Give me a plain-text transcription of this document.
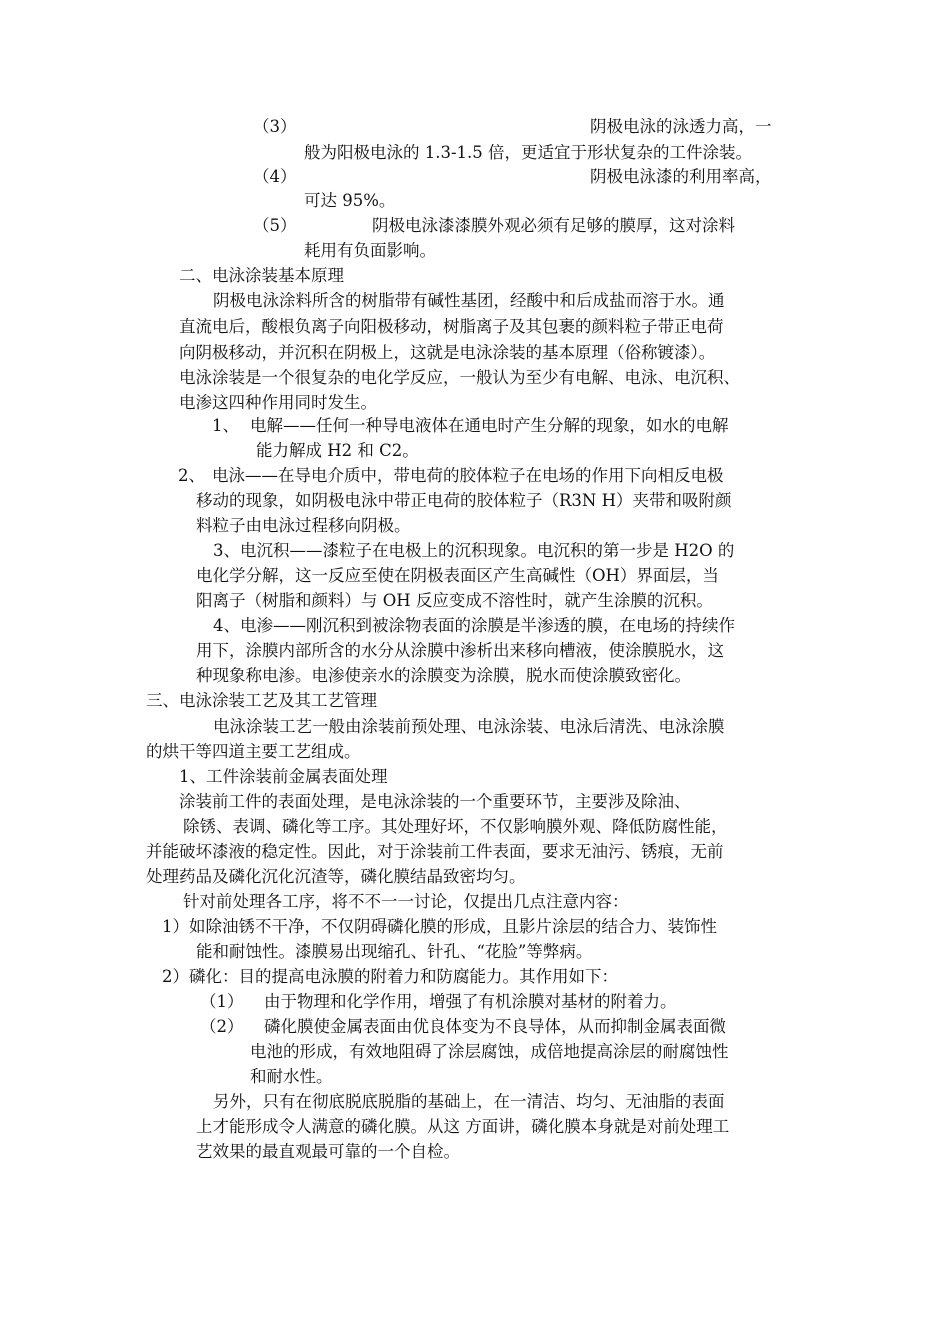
（3）	阴极电泳的泳透力高，一
般为阳极电泳的 1.3-1.5 倍，更适宜于形状复杂的工件涂装。
（4）	阴极电泳漆的利用率高，
可达 95%。
（5）	阴极电泳漆漆膜外观必须有足够的膜厚，这对涂料
耗用有负面影响。
二、电泳涂装基本原理
阴极电泳涂料所含的树脂带有碱性基团，经酸中和后成盐而溶于水。通
直流电后，酸根负离子向阳极移动，树脂离子及其包裹的颜料粒子带正电荷
向阴极移动，并沉积在阴极上，这就是电泳涂装的基本原理（俗称镀漆）。
电泳涂装是一个很复杂的电化学反应，一般认为至少有电解、电泳、电沉积、
电渗这四种作用同时发生。
1、 电解——任何一种导电液体在通电时产生分解的现象，如水的电解
能力解成 H2 和 C2。
2、 电泳——在导电介质中，带电荷的胶体粒子在电场的作用下向相反电极
移动的现象，如阴极电泳中带正电荷的胶体粒子（R3N H）夹带和吸附颜
料粒子由电泳过程移向阴极。
3、电沉积——漆粒子在电极上的沉积现象。电沉积的第一步是 H2O 的
电化学分解，这一反应至使在阴极表面区产生高碱性（OH）界面层，当
阳离子（树脂和颜料）与 OH 反应变成不溶性时，就产生涂膜的沉积。
4、电渗——刚沉积到被涂物表面的涂膜是半渗透的膜，在电场的持续作
用下，涂膜内部所含的水分从涂膜中渗析出来移向槽液，使涂膜脱水，这
种现象称电渗。电渗使亲水的涂膜变为涂膜，脱水而使涂膜致密化。
三、电泳涂装工艺及其工艺管理
电泳涂装工艺一般由涂装前预处理、电泳涂装、电泳后清洗、电泳涂膜
的烘干等四道主要工艺组成。
1、工件涂装前金属表面处理
涂装前工件的表面处理，是电泳涂装的一个重要环节，主要涉及除油、
除锈、表调、磷化等工序。其处理好坏，不仅影响膜外观、降低防腐性能，
并能破坏漆液的稳定性。因此，对于涂装前工件表面，要求无油污、锈痕，无前
处理药品及磷化沉化沉渣等，磷化膜结晶致密均匀。
针对前处理各工序，将不不一一讨论，仅提出几点注意内容：
1）如除油锈不干净，不仅阴碍磷化膜的形成，且影片涂层的结合力、装饰性
能和耐蚀性。漆膜易出现缩孔、针孔、“花脸”等弊病。
2）磷化：目的提高电泳膜的附着力和防腐能力。其作用如下：
（1） 由于物理和化学作用，增强了有机涂膜对基材的附着力。
（2） 磷化膜使金属表面由优良体变为不良导体，从而抑制金属表面微
电池的形成，有效地阻碍了涂层腐蚀，成倍地提高涂层的耐腐蚀性
和耐水性。
另外，只有在彻底脱底脱脂的基础上，在一清洁、均匀、无油脂的表面
上才能形成令人满意的磷化膜。从这 方面讲，磷化膜本身就是对前处理工
艺效果的最直观最可靠的一个自检。
